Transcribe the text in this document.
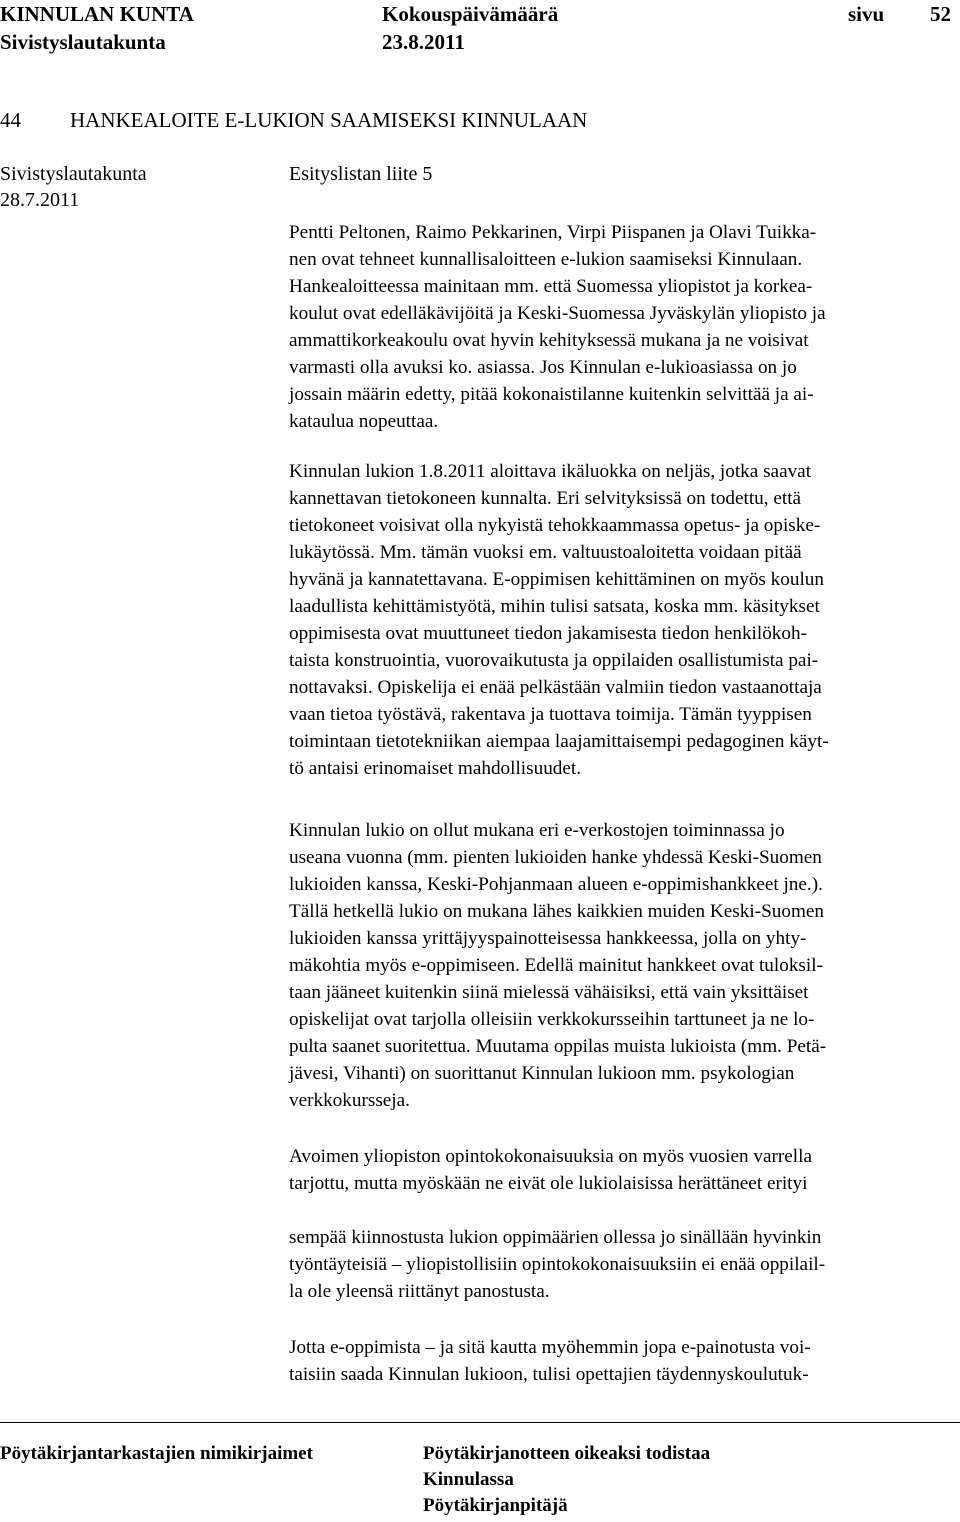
KINNULAN KUNTA	Kokouspäivämäärä	sivu 52
Sivistyslautakunta	23.8.2011
44 HANKEALOITE E-LUKION SAAMISEKSI KINNULAAN
Sivistyslautakunta
28.7.2011
Esityslistan liite 5
Pentti Peltonen, Raimo Pekkarinen, Virpi Piispanen ja Olavi Tuikka-
nen ovat tehneet kunnallisaloitteen e-lukion saamiseksi Kinnulaan.
Hankealoitteessa mainitaan mm. että Suomessa yliopistot ja korkea-
koulut ovat edelläkävijöitä ja Keski-Suomessa Jyväskylän yliopisto ja
ammattikorkeakoulu ovat hyvin kehityksessä mukana ja ne voisivat
varmasti olla avuksi ko. asiassa. Jos Kinnulan e-lukioasiassa on jo
jossain määrin edetty, pitää kokonaistilanne kuitenkin selvittää ja ai-
kataulua nopeuttaa.
Kinnulan lukion 1.8.2011 aloittava ikäluokka on neljäs, jotka saavat
kannettavan tietokoneen kunnalta. Eri selvityksissä on todettu, että
tietokoneet voisivat olla nykyistä tehokkaammassa opetus- ja opiske-
lukäytössä. Mm. tämän vuoksi em. valtuustoaloitetta voidaan pitää
hyvänä ja kannatettavana. E-oppimisen kehittäminen on myös koulun
laadullista kehittämistyötä, mihin tulisi satsata, koska mm. käsitykset
oppimisesta ovat muuttuneet tiedon jakamisesta tiedon henkilökoh-
taista konstruointia, vuorovaikutusta ja oppilaiden osallistumista pai-
nottavaksi. Opiskelija ei enää pelkästään valmiin tiedon vastaanottaja
vaan tietoa työstävä, rakentava ja tuottava toimija. Tämän tyyppisen
toimintaan tietotekniikan aiempaa laajamittaisempi pedagoginen käyt-
tö antaisi erinomaiset mahdollisuudet.
Kinnulan lukio on ollut mukana eri e-verkostojen toiminnassa jo
useana vuonna (mm. pienten lukioiden hanke yhdessä Keski-Suomen
lukioiden kanssa, Keski-Pohjanmaan alueen e-oppimishankkeet jne.).
Tällä hetkellä lukio on mukana lähes kaikkien muiden Keski-Suomen
lukioiden kanssa yrittäjyyspainotteisessa hankkeessa, jolla on yhty-
mäkohtia myös e-oppimiseen. Edellä mainitut hankkeet ovat tuloksil-
taan jääneet kuitenkin siinä mielessä vähäisiksi, että vain yksittäiset
opiskelijat ovat tarjolla olleisiin verkkokursseihin tarttuneet ja ne lo-
pulta saanet suoritettua. Muutama oppilas muista lukioista (mm. Petä-
jävesi, Vihanti) on suorittanut Kinnulan lukioon mm. psykologian
verkkokursseja.
Avoimen yliopiston opintokokonaisuuksia on myös vuosien varrella
tarjottu, mutta myöskään ne eivät ole lukiolaisissa herättäneet erityi
sempää kiinnostusta lukion oppimäärien ollessa jo sinällään hyvinkin
työntäyteisiä – yliopistollisiin opintokokonaisuuksiin ei enää oppilail-
la ole yleensä riittänyt panostusta.
Jotta e-oppimista – ja sitä kautta myöhemmin jopa e-painotusta voi-
taisiin saada Kinnulan lukioon, tulisi opettajien täydennyskoulutuk-
Pöytäkirjantarkastajien nimikirjaimet	Pöytäkirjanotteen oikeaksi todistaa
Kinnulassa
Pöytäkirjanpitäjä
